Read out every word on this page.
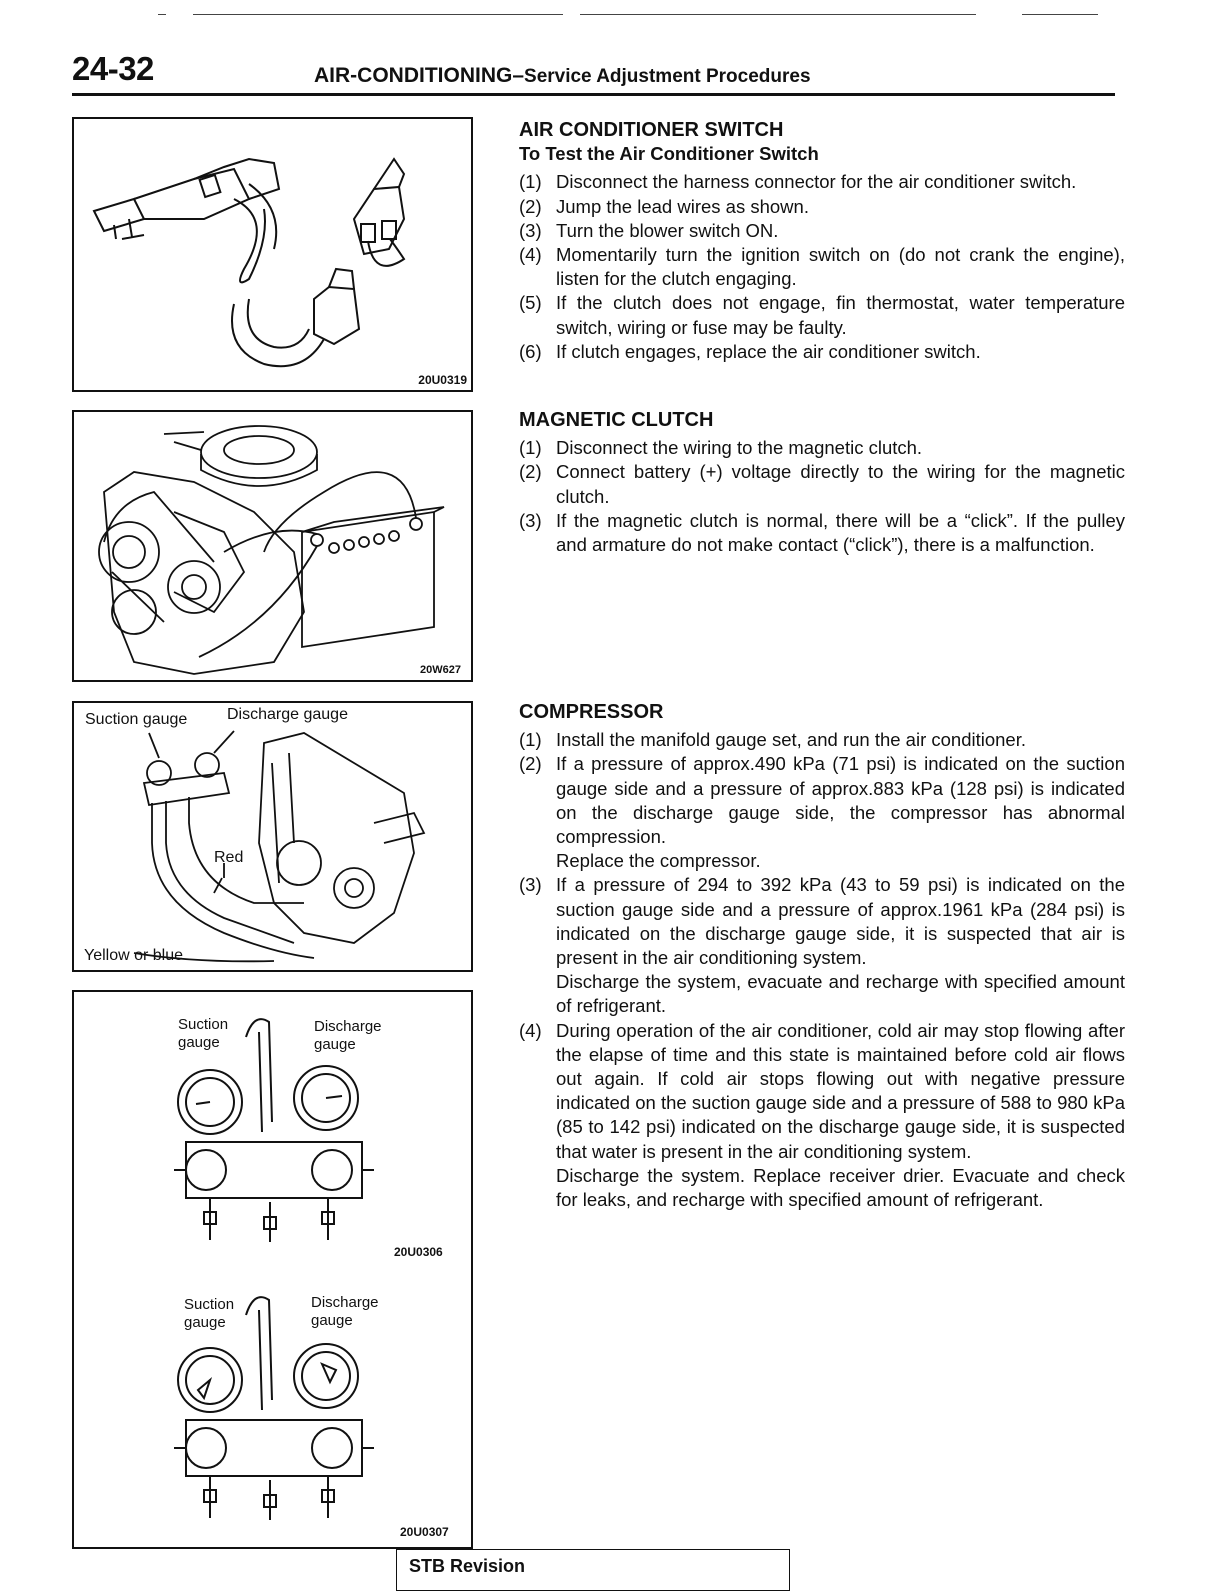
24-32	AIR-CONDITIONING–Service Adjustment Procedures
20U0319
20W627
Suction gauge Discharge gauge
Red
Yellow or blue
Suction
gauge
Discharge
gauge
20U0306
Suction
gauge
Discharge
gauge
20U0307
AIR CONDITIONER SWITCH
To Test the Air Conditioner Switch
(1) Disconnect the harness connector for the air conditioner switch.

(2) Jump the lead wires as shown.

(3) Turn the blower switch ON.

(4) Momentarily turn the ignition switch on (do not crank the engine), listen for the clutch engaging.

(5) If the clutch does not engage, fin thermostat, water temperature switch, wiring or fuse may be faulty.

(6) If clutch engages, replace the air conditioner switch.

MAGNETIC CLUTCH
(1) Disconnect the wiring to the magnetic clutch.

(2) Connect battery (+) voltage directly to the wiring for the magnetic clutch.

(3) If the magnetic clutch is normal, there will be a “click”. If the pulley and armature do not make contact (“click”), there is a malfunction.

COMPRESSOR
(1) Install the manifold gauge set, and run the air conditioner.

(2) If a pressure of approx.490 kPa (71 psi) is indicated on the suction gauge side and a pressure of approx.883 kPa (128 psi) is indicated on the discharge gauge side, the compressor has abnormal compression.

Replace the compressor.

(3) If a pressure of 294 to 392 kPa (43 to 59 psi) is indicated on the suction gauge side and a pressure of approx.1961 kPa (284 psi) is indicated on the discharge gauge side, it is suspected that air is present in the air conditioning system.

Discharge the system, evacuate and recharge with specified amount of refrigerant.

(4) During operation of the air conditioner, cold air may stop flowing after the elapse of time and this state is maintained before cold air flows out again. If cold air stops flowing out with negative pressure indicated on the suction gauge side and a pressure of 588 to 980 kPa (85 to 142 psi) indicated on the discharge gauge side, it is suspected that water is present in the air conditioning system.

Discharge the system. Replace receiver drier. Evacuate and check for leaks, and recharge with specified amount of refrigerant.

STB Revision
